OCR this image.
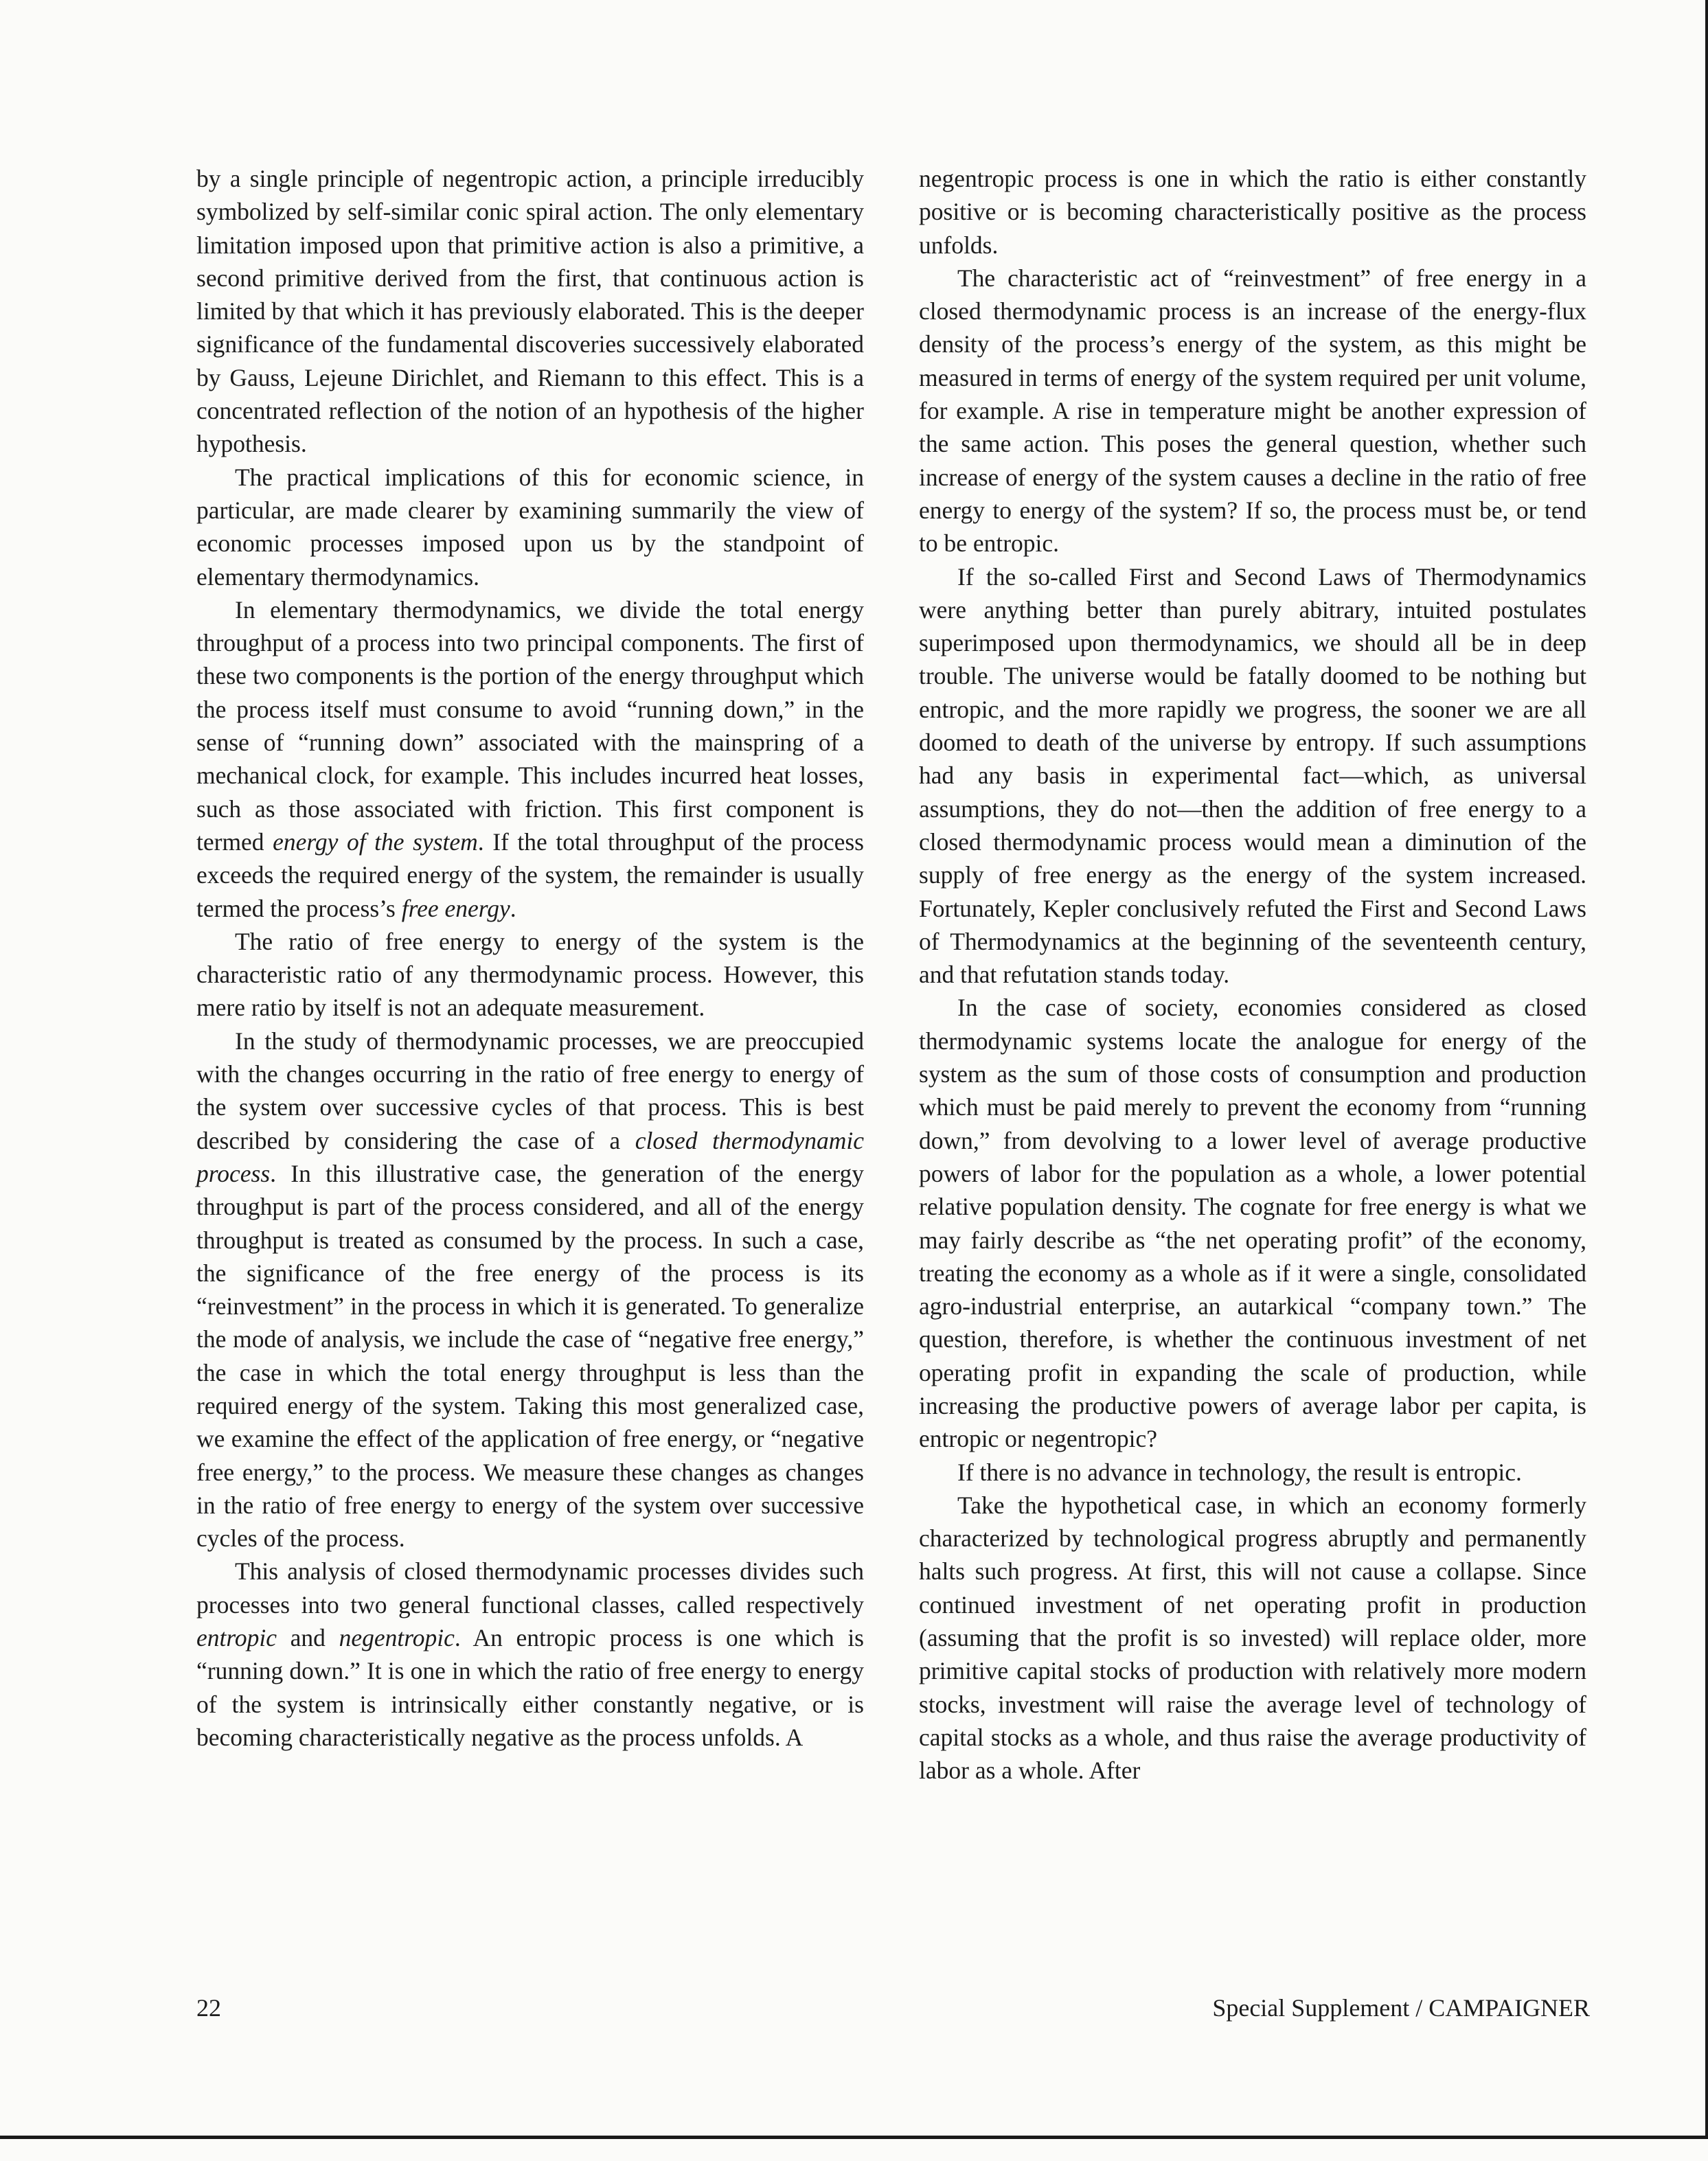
by a single principle of negentropic action, a principle irreducibly symbolized by self-similar conic spiral action. The only elementary limitation imposed upon that primitive action is also a primitive, a second primitive derived from the first, that continuous action is limited by that which it has previously elaborated. This is the deeper significance of the fundamental discoveries successively elaborated by Gauss, Lejeune Dirichlet, and Riemann to this effect. This is a concentrated reflection of the notion of an hypothesis of the higher hypothesis.

The practical implications of this for economic science, in particular, are made clearer by examining summarily the view of economic processes imposed upon us by the standpoint of elementary thermodynamics.

In elementary thermodynamics, we divide the total energy throughput of a process into two principal components. The first of these two components is the portion of the energy throughput which the process itself must consume to avoid “running down,” in the sense of “running down” associated with the mainspring of a mechanical clock, for example. This includes incurred heat losses, such as those associated with friction. This first component is termed energy of the system. If the total throughput of the process exceeds the required energy of the system, the remainder is usually termed the process’s free energy.

The ratio of free energy to energy of the system is the characteristic ratio of any thermodynamic process. However, this mere ratio by itself is not an adequate measurement.

In the study of thermodynamic processes, we are preoccupied with the changes occurring in the ratio of free energy to energy of the system over successive cycles of that process. This is best described by considering the case of a closed thermodynamic process. In this illustrative case, the generation of the energy throughput is part of the process considered, and all of the energy throughput is treated as consumed by the process. In such a case, the significance of the free energy of the process is its “reinvestment” in the process in which it is generated. To generalize the mode of analysis, we include the case of “negative free energy,” the case in which the total energy throughput is less than the required energy of the system. Taking this most generalized case, we examine the effect of the application of free energy, or “negative free energy,” to the process. We measure these changes as changes in the ratio of free energy to energy of the system over successive cycles of the process.

This analysis of closed thermodynamic processes divides such processes into two general functional classes, called respectively entropic and negentropic. An entropic process is one which is “running down.” It is one in which the ratio of free energy to energy of the system is intrinsically either constantly negative, or is becoming characteristically negative as the process unfolds. A

negentropic process is one in which the ratio is either constantly positive or is becoming characteristically positive as the process unfolds.

The characteristic act of “reinvestment” of free energy in a closed thermodynamic process is an increase of the energy-flux density of the process’s energy of the system, as this might be measured in terms of energy of the system required per unit volume, for example. A rise in temperature might be another expression of the same action. This poses the general question, whether such increase of energy of the system causes a decline in the ratio of free energy to energy of the system? If so, the process must be, or tend to be entropic.

If the so-called First and Second Laws of Thermodynamics were anything better than purely abitrary, intuited postulates superimposed upon thermodynamics, we should all be in deep trouble. The universe would be fatally doomed to be nothing but entropic, and the more rapidly we progress, the sooner we are all doomed to death of the universe by entropy. If such assumptions had any basis in experimental fact—which, as universal assumptions, they do not—then the addition of free energy to a closed thermodynamic process would mean a diminution of the supply of free energy as the energy of the system increased. Fortunately, Kepler conclusively refuted the First and Second Laws of Thermodynamics at the beginning of the seventeenth century, and that refutation stands today.

In the case of society, economies considered as closed thermodynamic systems locate the analogue for energy of the system as the sum of those costs of consumption and production which must be paid merely to prevent the economy from “running down,” from devolving to a lower level of average productive powers of labor for the population as a whole, a lower potential relative population density. The cognate for free energy is what we may fairly describe as “the net operating profit” of the economy, treating the economy as a whole as if it were a single, consolidated agro-industrial enterprise, an autarkical “company town.” The question, therefore, is whether the continuous investment of net operating profit in expanding the scale of production, while increasing the productive powers of average labor per capita, is entropic or negentropic?

If there is no advance in technology, the result is entropic.

Take the hypothetical case, in which an economy formerly characterized by technological progress abruptly and permanently halts such progress. At first, this will not cause a collapse. Since continued investment of net operating profit in production (assuming that the profit is so invested) will replace older, more primitive capital stocks of production with relatively more modern stocks, investment will raise the average level of technology of capital stocks as a whole, and thus raise the average productivity of labor as a whole. After

22	Special Supplement / CAMPAIGNER
